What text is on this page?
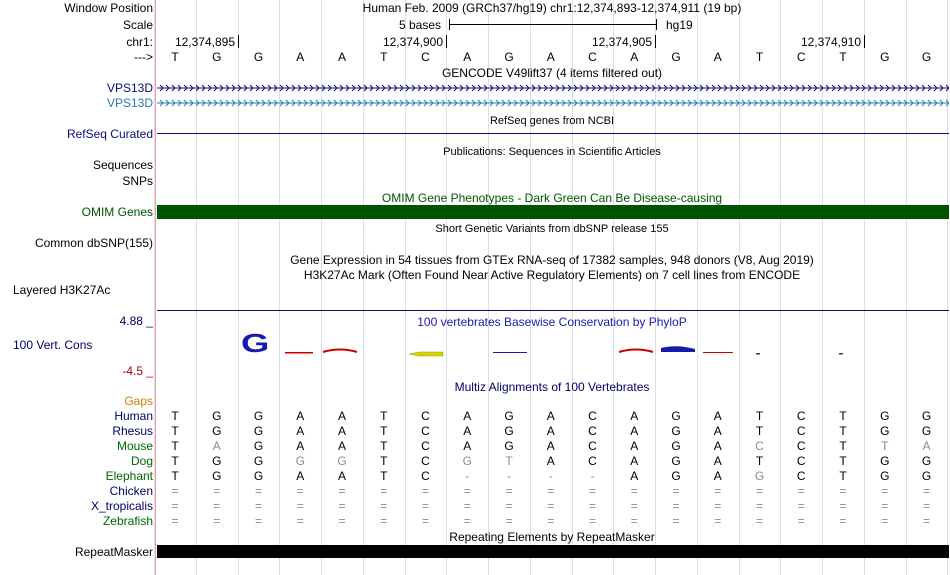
Window Position	Human Feb. 2009 (GRCh37/hg19) chr1:12,374,893-12,374,911 (19 bp)
Scale	5 bases	hg19
chr1: 12,374,895	12,374,900	12,374,905	12,374,910
--->	T	G	G	A	A	T	C	A	G	A	C	A	G	A	T	C	T	G	G
GENCODE V49lift37 (4 items filtered out)
VPS13D
VPS13D
RefSeq genes from NCBI
RefSeq Curated
Publications: Sequences in Scientific Articles
Sequences
SNPs
OMIM Gene Phenotypes - Dark Green Can Be Disease-causing
OMIM Genes
Short Genetic Variants from dbSNP release 155
Common dbSNP(155)
Gene Expression in 54 tissues from GTEx RNA-seq of 17382 samples, 948 donors (V8, Aug 2019)
H3K27Ac Mark (Often Found Near Active Regulatory Elements) on 7 cell lines from ENCODE
Layered H3K27Ac
4.88 _	100 vertebrates Basewise Conservation by PhyloP
100 Vert. Cons
-4.5 _
G
Multiz Alignments of 100 Vertebrates
Gaps
Human	T	G	G	A	A	T	C	A	G	A	C	A	G	A	T	C	T	G	G
Rhesus	T	G	G	A	A	T	C	A	G	A	C	A	G	A	T	C	T	G	G
Mouse	T	A	G	A	A	T	C	A	G	A	C	A	G	A	C	C	T	T	A
Dog	T	G	G	G	G	T	C	G	T	A	C	A	G	A	T	C	T	G	G
Elephant	T	G	G	A	A	T	C	-	-	-	-	A	G	A	G	C	T	G	G
Chicken	=	=	=	=	=	=	=	=	=	=	=	=	=	=	=	=	=	=	=
X_tropicalis	=	=	=	=	=	=	=	=	=	=	=	=	=	=	=	=	=	=	=
Zebrafish	=	=	=	=	=	=	=	=	=	=	=	=	=	=	=	=	=	=	=
Repeating Elements by RepeatMasker
RepeatMasker
